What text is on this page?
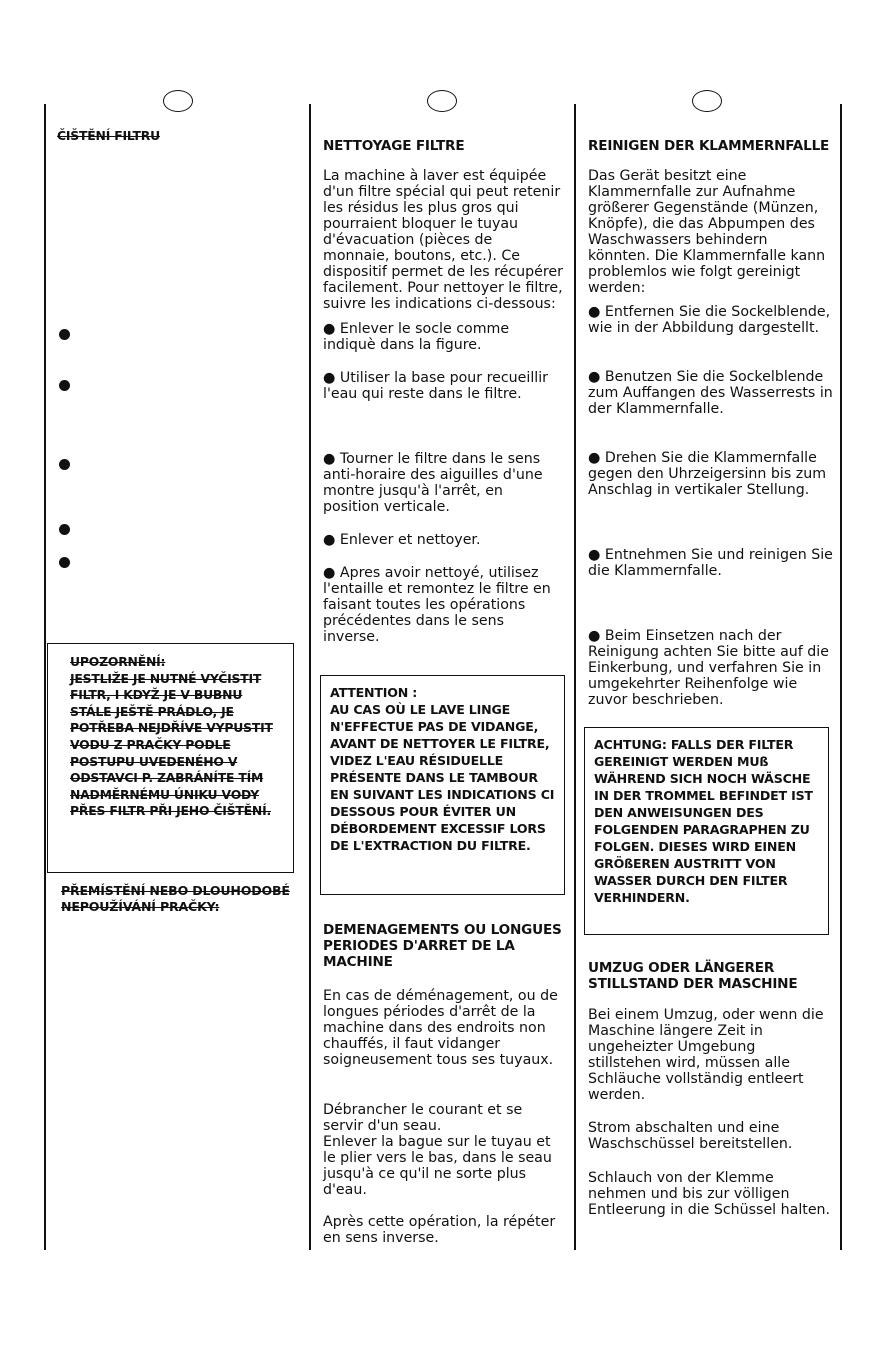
ČIŠTĚNÍ FILTRU
UPOZORNĚNÍ:
JESTLIŽE JE NUTNÉ VYČISTIT FILTR, I KDYŽ JE V BUBNU STÁLE JEŠTĚ PRÁDLO, JE POTŘEBA NEJDŘÍVE VYPUSTIT VODU Z PRAČKY PODLE POSTUPU UVEDENÉHO V ODSTAVCI P. ZABRÁNÍTE TÍM NADMĚRNÉMU ÚNIKU VODY PŘES FILTR PŘI JEHO ČIŠTĚNÍ.
PŘEMÍSTĚNÍ NEBO DLOUHODOBÉ NEPOUŽÍVÁNÍ PRAČKY:

NETTOYAGE FILTRE

La machine à laver est équipée d'un filtre spécial qui peut retenir les résidus les plus gros qui pourraient bloquer le tuyau d'évacuation (pièces de monnaie, boutons, etc.). Ce dispositif permet de les récupérer facilement. Pour nettoyer le filtre, suivre les indications ci-dessous:

● Enlever le socle comme indiquè dans la figure.
● Utiliser la base pour recueillir l'eau qui reste dans le filtre.
● Tourner le filtre dans le sens anti-horaire des aiguilles d'une montre jusqu'à l'arrêt, en position verticale.
● Enlever et nettoyer.
● Apres avoir nettoyé, utilisez l'entaille et remontez le filtre en faisant toutes les opérations précédentes dans le sens inverse.
ATTENTION :
AU CAS OÙ LE LAVE LINGE N'EFFECTUE PAS DE VIDANGE, AVANT DE NETTOYER LE FILTRE, VIDEZ L'EAU RÉSIDUELLE PRÉSENTE DANS LE TAMBOUR EN SUIVANT LES INDICATIONS CI DESSOUS POUR ÉVITER UN DÉBORDEMENT EXCESSIF LORS DE L'EXTRACTION DU FILTRE.
DEMENAGEMENTS OU LONGUES PERIODES D'ARRET DE LA MACHINE
En cas de déménagement, ou de longues périodes d'arrêt de la machine dans des endroits non chauffés, il faut vidanger soigneusement tous ses tuyaux.
Débrancher le courant et se servir d'un seau.
Enlever la bague sur le tuyau et le plier vers le bas, dans le seau jusqu'à ce qu'il ne sorte plus d'eau.
Après cette opération, la répéter en sens inverse.

REINIGEN DER KLAMMERNFALLE

Das Gerät besitzt eine Klammernfalle zur Aufnahme größerer Gegenstände (Münzen, Knöpfe), die das Abpumpen des Waschwassers behindern könnten. Die Klammernfalle kann problemlos wie folgt gereinigt werden:

● Entfernen Sie die Sockelblende, wie in der Abbildung dargestellt.
● Benutzen Sie die Sockelblende zum Auffangen des Wasserrests in der Klammernfalle.
● Drehen Sie die Klammernfalle gegen den Uhrzeigersinn bis zum Anschlag in vertikaler Stellung.
● Entnehmen Sie und reinigen Sie die Klammernfalle.
● Beim Einsetzen nach der Reinigung achten Sie bitte auf die Einkerbung, und verfahren Sie in umgekehrter Reihenfolge wie zuvor beschrieben.
ACHTUNG: FALLS DER FILTER GEREINIGT WERDEN MUß WÄHREND SICH NOCH WÄSCHE IN DER TROMMEL BEFINDET IST DEN ANWEISUNGEN DES FOLGENDEN PARAGRAPHEN ZU FOLGEN. DIESES WIRD EINEN GRÖßEREN AUSTRITT VON WASSER DURCH DEN FILTER VERHINDERN.
UMZUG ODER LÄNGERER STILLSTAND DER MASCHINE
Bei einem Umzug, oder wenn die Maschine längere Zeit in ungeheizter Umgebung stillstehen wird, müssen alle Schläuche vollständig entleert werden.
Strom abschalten und eine Waschschüssel bereitstellen.
Schlauch von der Klemme nehmen und bis zur völligen Entleerung in die Schüssel halten.
